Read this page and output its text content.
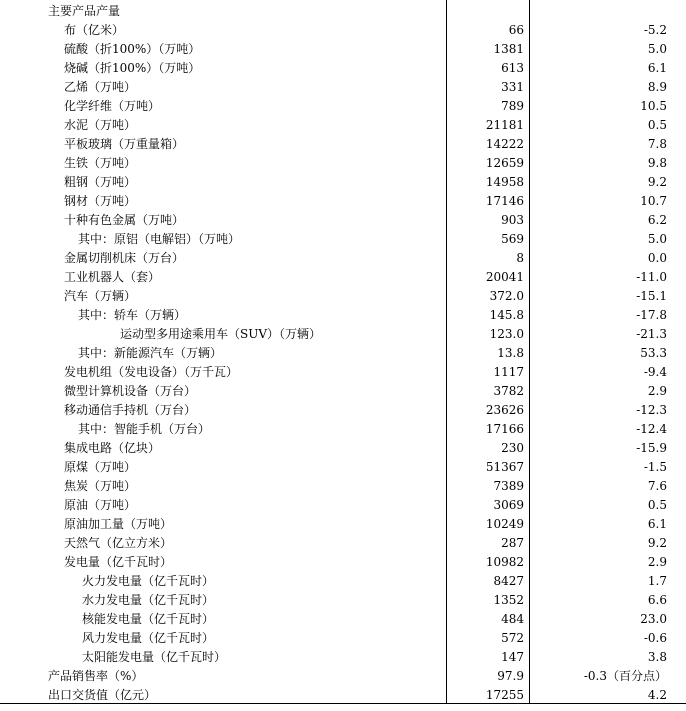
主要产品产量
布（亿米）	66	-5.2
硫酸（折100%）（万吨）	1381	5.0
烧碱（折100%）（万吨）	613	6.1
乙烯（万吨）	331	8.9
化学纤维（万吨）	789	10.5
水泥（万吨）	21181	0.5
平板玻璃（万重量箱）	14222	7.8
生铁（万吨）	12659	9.8
粗钢（万吨）	14958	9.2
钢材（万吨）	17146	10.7
十种有色金属（万吨）	903	6.2
其中：原铝（电解铝）（万吨）	569	5.0
金属切削机床（万台）	8	0.0
工业机器人（套）	20041	-11.0
汽车（万辆）	372.0	-15.1
其中：轿车（万辆）	145.8	-17.8
运动型多用途乘用车（SUV）（万辆）	123.0	-21.3
其中：新能源汽车（万辆）	13.8	53.3
发电机组（发电设备）（万千瓦）	1117	-9.4
微型计算机设备（万台）	3782	2.9
移动通信手持机（万台）	23626	-12.3
其中：智能手机（万台）	17166	-12.4
集成电路（亿块）	230	-15.9
原煤（万吨）	51367	-1.5
焦炭（万吨）	7389	7.6
原油（万吨）	3069	0.5
原油加工量（万吨）	10249	6.1
天然气（亿立方米）	287	9.2
发电量（亿千瓦时）	10982	2.9
火力发电量（亿千瓦时）	8427	1.7
水力发电量（亿千瓦时）	1352	6.6
核能发电量（亿千瓦时）	484	23.0
风力发电量（亿千瓦时）	572	-0.6
太阳能发电量（亿千瓦时）	147	3.8
产品销售率（%）	97.9	-0.3（百分点）
出口交货值（亿元）	17255	4.2
